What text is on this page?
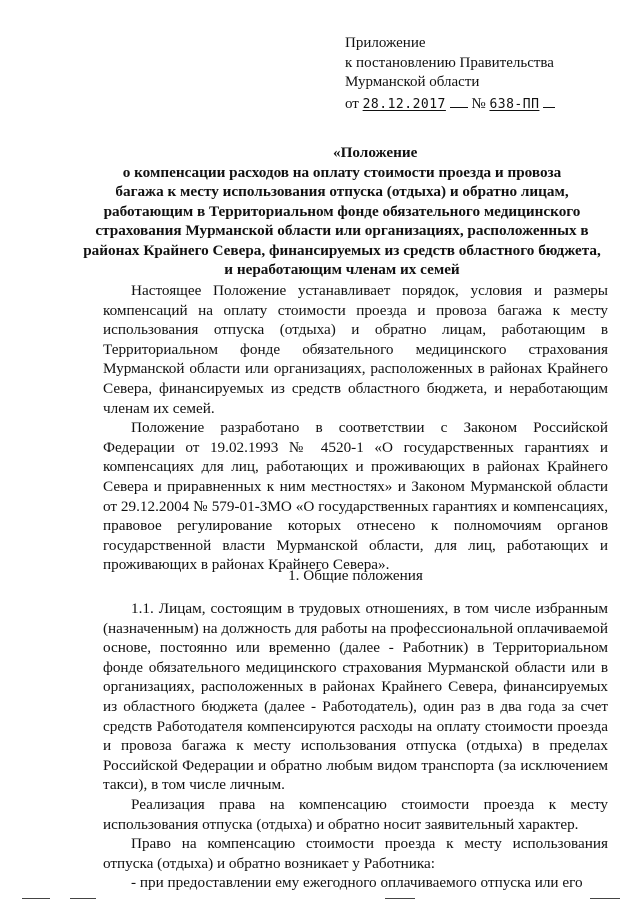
Приложение
к постановлению Правительства
Мурманской области
от 28.12.2017 № 638-ПП
«Положение
о компенсации расходов на оплату стоимости проезда и провоза
багажа к месту использования отпуска (отдыха) и обратно лицам,
работающим в Территориальном фонде обязательного медицинского
страхования Мурманской области или организациях, расположенных в
районах Крайнего Севера, финансируемых из средств областного бюджета,
и неработающим членам их семей

Настоящее Положение устанавливает порядок, условия и размеры компенсаций на оплату стоимости проезда и провоза багажа к месту использования отпуска (отдыха) и обратно лицам, работающим в Территориальном фонде обязательного медицинского страхования Мурманской области или организациях, расположенных в районах Крайнего Севера, финансируемых из средств областного бюджета, и неработающим членам их семей.

Положение разработано в соответствии с Законом Российской Федерации от 19.02.1993 № 4520-1 «О государственных гарантиях и компенсациях для лиц, работающих и проживающих в районах Крайнего Севера и приравненных к ним местностях» и Законом Мурманской области от 29.12.2004 № 579-01-ЗМО «О государственных гарантиях и компенсациях, правовое регулирование которых отнесено к полномочиям органов государственной власти Мурманской области, для лиц, работающих и проживающих в районах Крайнего Севера».

1. Общие положения

1.1. Лицам, состоящим в трудовых отношениях, в том числе избранным (назначенным) на должность для работы на профессиональной оплачиваемой основе, постоянно или временно (далее - Работник) в Территориальном фонде обязательного медицинского страхования Мурманской области или в организациях, расположенных в районах Крайнего Севера, финансируемых из областного бюджета (далее - Работодатель), один раз в два года за счет средств Работодателя компенсируются расходы на оплату стоимости проезда и провоза багажа к месту использования отпуска (отдыха) в пределах Российской Федерации и обратно любым видом транспорта (за исключением такси), в том числе личным.

Реализация права на компенсацию стоимости проезда к месту использования отпуска (отдыха) и обратно носит заявительный характер.

Право на компенсацию стоимости проезда к месту использования отпуска (отдыха) и обратно возникает у Работника:

- при предоставлении ему ежегодного оплачиваемого отпуска или его
